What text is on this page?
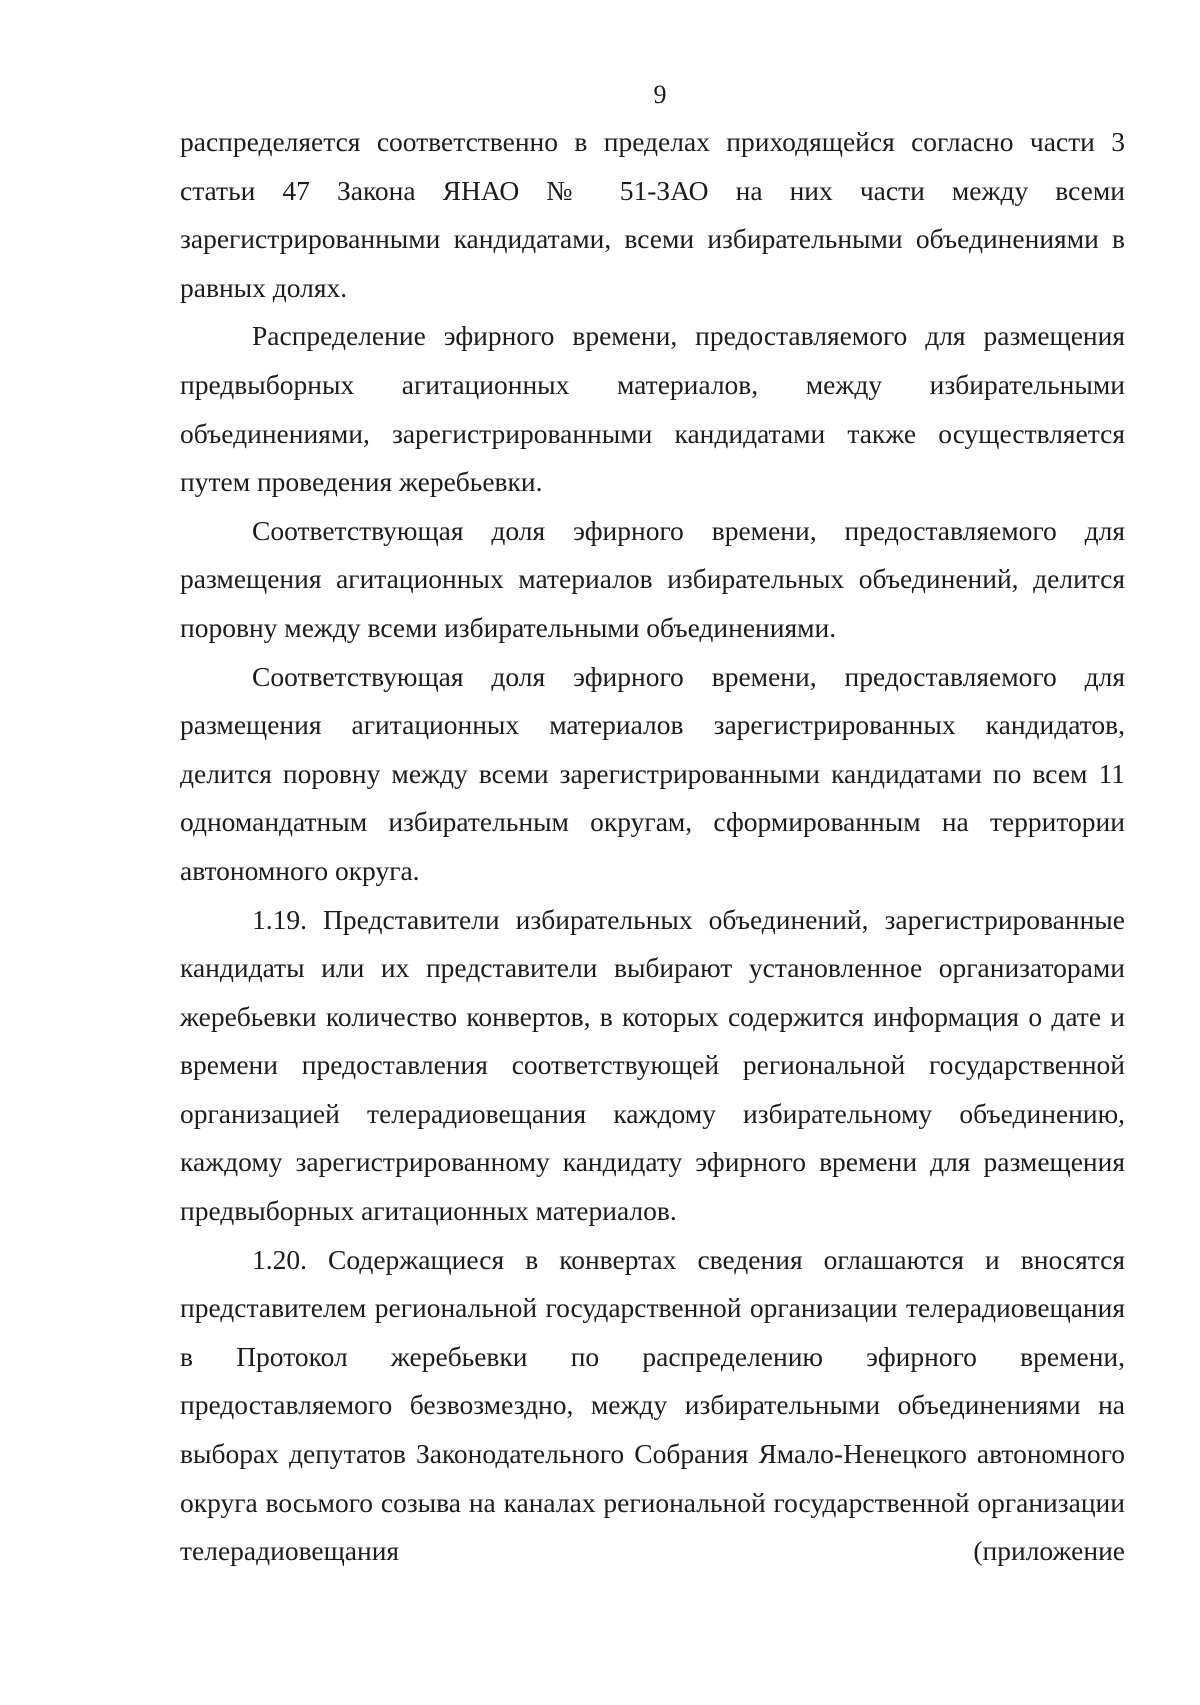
9

распределяется соответственно в пределах приходящейся согласно части 3 статьи 47 Закона ЯНАО № 51-ЗАО на них части между всеми зарегистрированными кандидатами, всеми избирательными объединениями в равных долях.

Распределение эфирного времени, предоставляемого для размещения предвыборных агитационных материалов, между избирательными объединениями, зарегистрированными кандидатами также осуществляется путем проведения жеребьевки.

Соответствующая доля эфирного времени, предоставляемого для размещения агитационных материалов избирательных объединений, делится поровну между всеми избирательными объединениями.

Соответствующая доля эфирного времени, предоставляемого для размещения агитационных материалов зарегистрированных кандидатов, делится поровну между всеми зарегистрированными кандидатами по всем 11 одномандатным избирательным округам, сформированным на территории автономного округа.

1.19. Представители избирательных объединений, зарегистрированные кандидаты или их представители выбирают установленное организаторами жеребьевки количество конвертов, в которых содержится информация о дате и времени предоставления соответствующей региональной государственной организацией телерадиовещания каждому избирательному объединению, каждому зарегистрированному кандидату эфирного времени для размещения предвыборных агитационных материалов.

1.20. Содержащиеся в конвертах сведения оглашаются и вносятся представителем региональной государственной организации телерадиовещания в Протокол жеребьевки по распределению эфирного времени, предоставляемого безвозмездно, между избирательными объединениями на выборах депутатов Законодательного Собрания Ямало-Ненецкого автономного округа восьмого созыва на каналах региональной государственной организации телерадиовещания (приложение
